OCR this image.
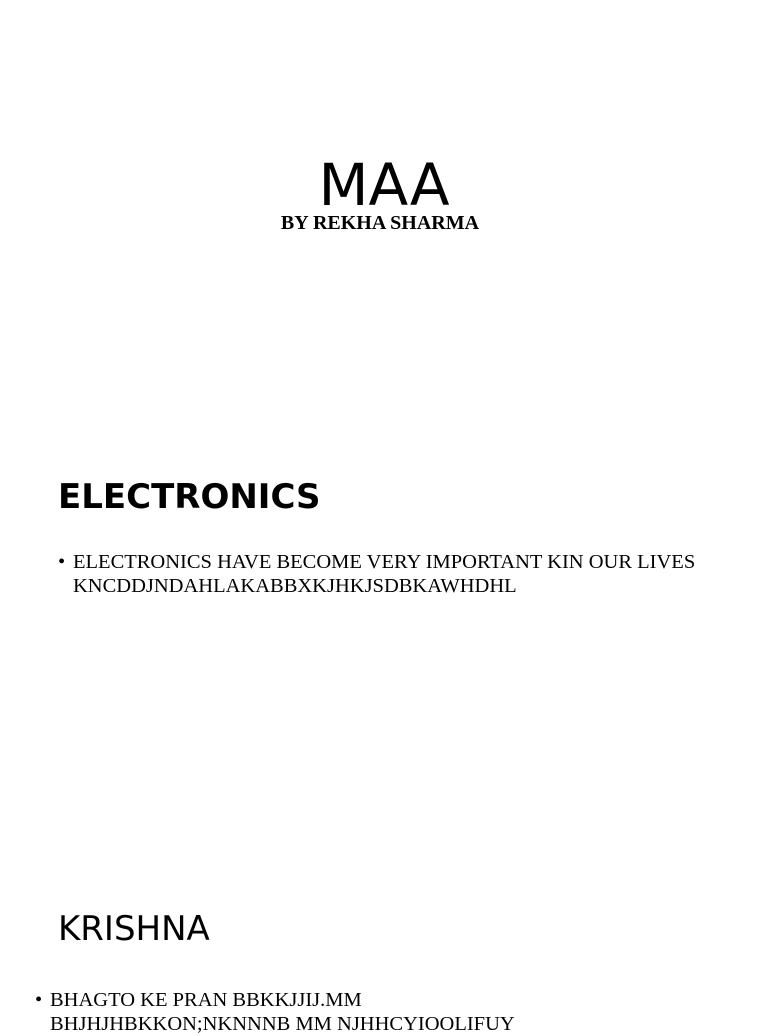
MAA

BY REKHA SHARMA

ELECTRONICS
• ELECTRONICS HAVE BECOME VERY IMPORTANT KIN OUR LIVES KNCDDJNDAHLAKABBXKJHKJSDBKAWHDHL
KRISHNA
• BHAGTO KE PRAN BBKKJJIJ.MM BHJHJHBKKON;NKNNNB MM NJHHCYIOOLIFUY
